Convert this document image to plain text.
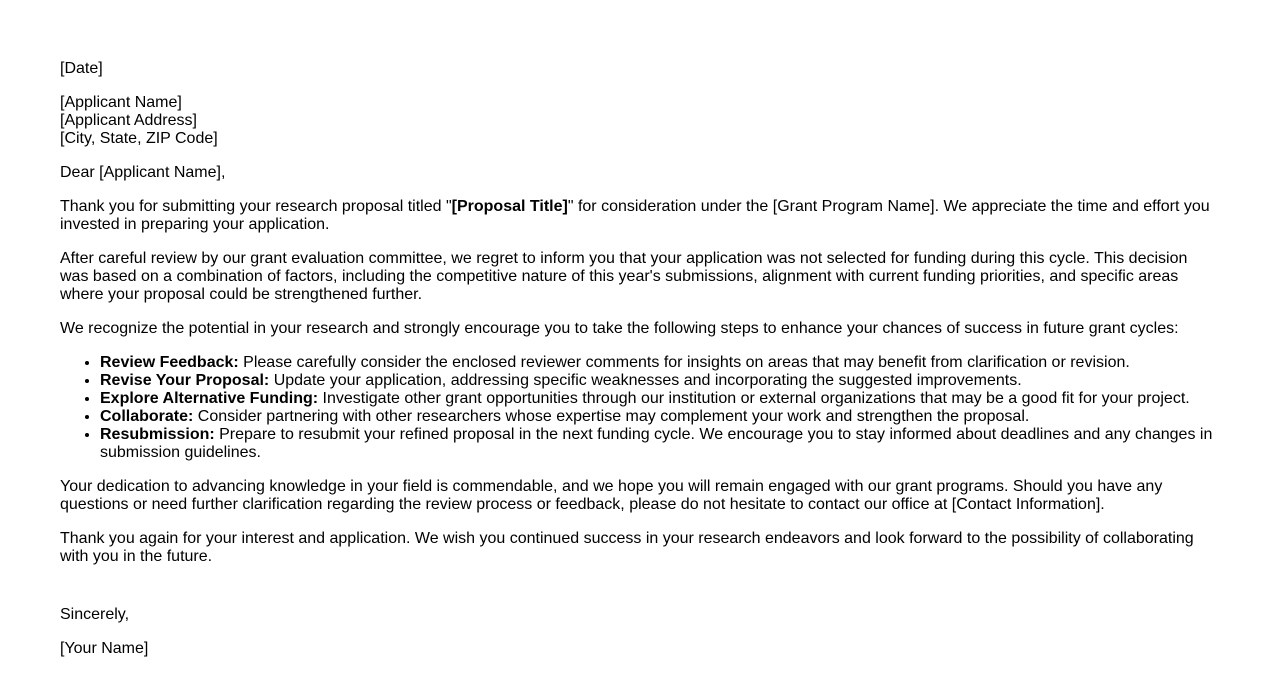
[Date]

[Applicant Name]
[Applicant Address]
[City, State, ZIP Code]

Dear [Applicant Name],

Thank you for submitting your research proposal titled "[Proposal Title]" for consideration under the [Grant Program Name]. We appreciate the time and effort you invested in preparing your application.

After careful review by our grant evaluation committee, we regret to inform you that your application was not selected for funding during this cycle. This decision was based on a combination of factors, including the competitive nature of this year's submissions, alignment with current funding priorities, and specific areas where your proposal could be strengthened further.

We recognize the potential in your research and strongly encourage you to take the following steps to enhance your chances of success in future grant cycles:

• Review Feedback: Please carefully consider the enclosed reviewer comments for insights on areas that may benefit from clarification or revision.
• Revise Your Proposal: Update your application, addressing specific weaknesses and incorporating the suggested improvements.
• Explore Alternative Funding: Investigate other grant opportunities through our institution or external organizations that may be a good fit for your project.
• Collaborate: Consider partnering with other researchers whose expertise may complement your work and strengthen the proposal.
• Resubmission: Prepare to resubmit your refined proposal in the next funding cycle. We encourage you to stay informed about deadlines and any changes in submission guidelines.

Your dedication to advancing knowledge in your field is commendable, and we hope you will remain engaged with our grant programs. Should you have any questions or need further clarification regarding the review process or feedback, please do not hesitate to contact our office at [Contact Information].

Thank you again for your interest and application. We wish you continued success in your research endeavors and look forward to the possibility of collaborating with you in the future.

Sincerely,

[Your Name]
